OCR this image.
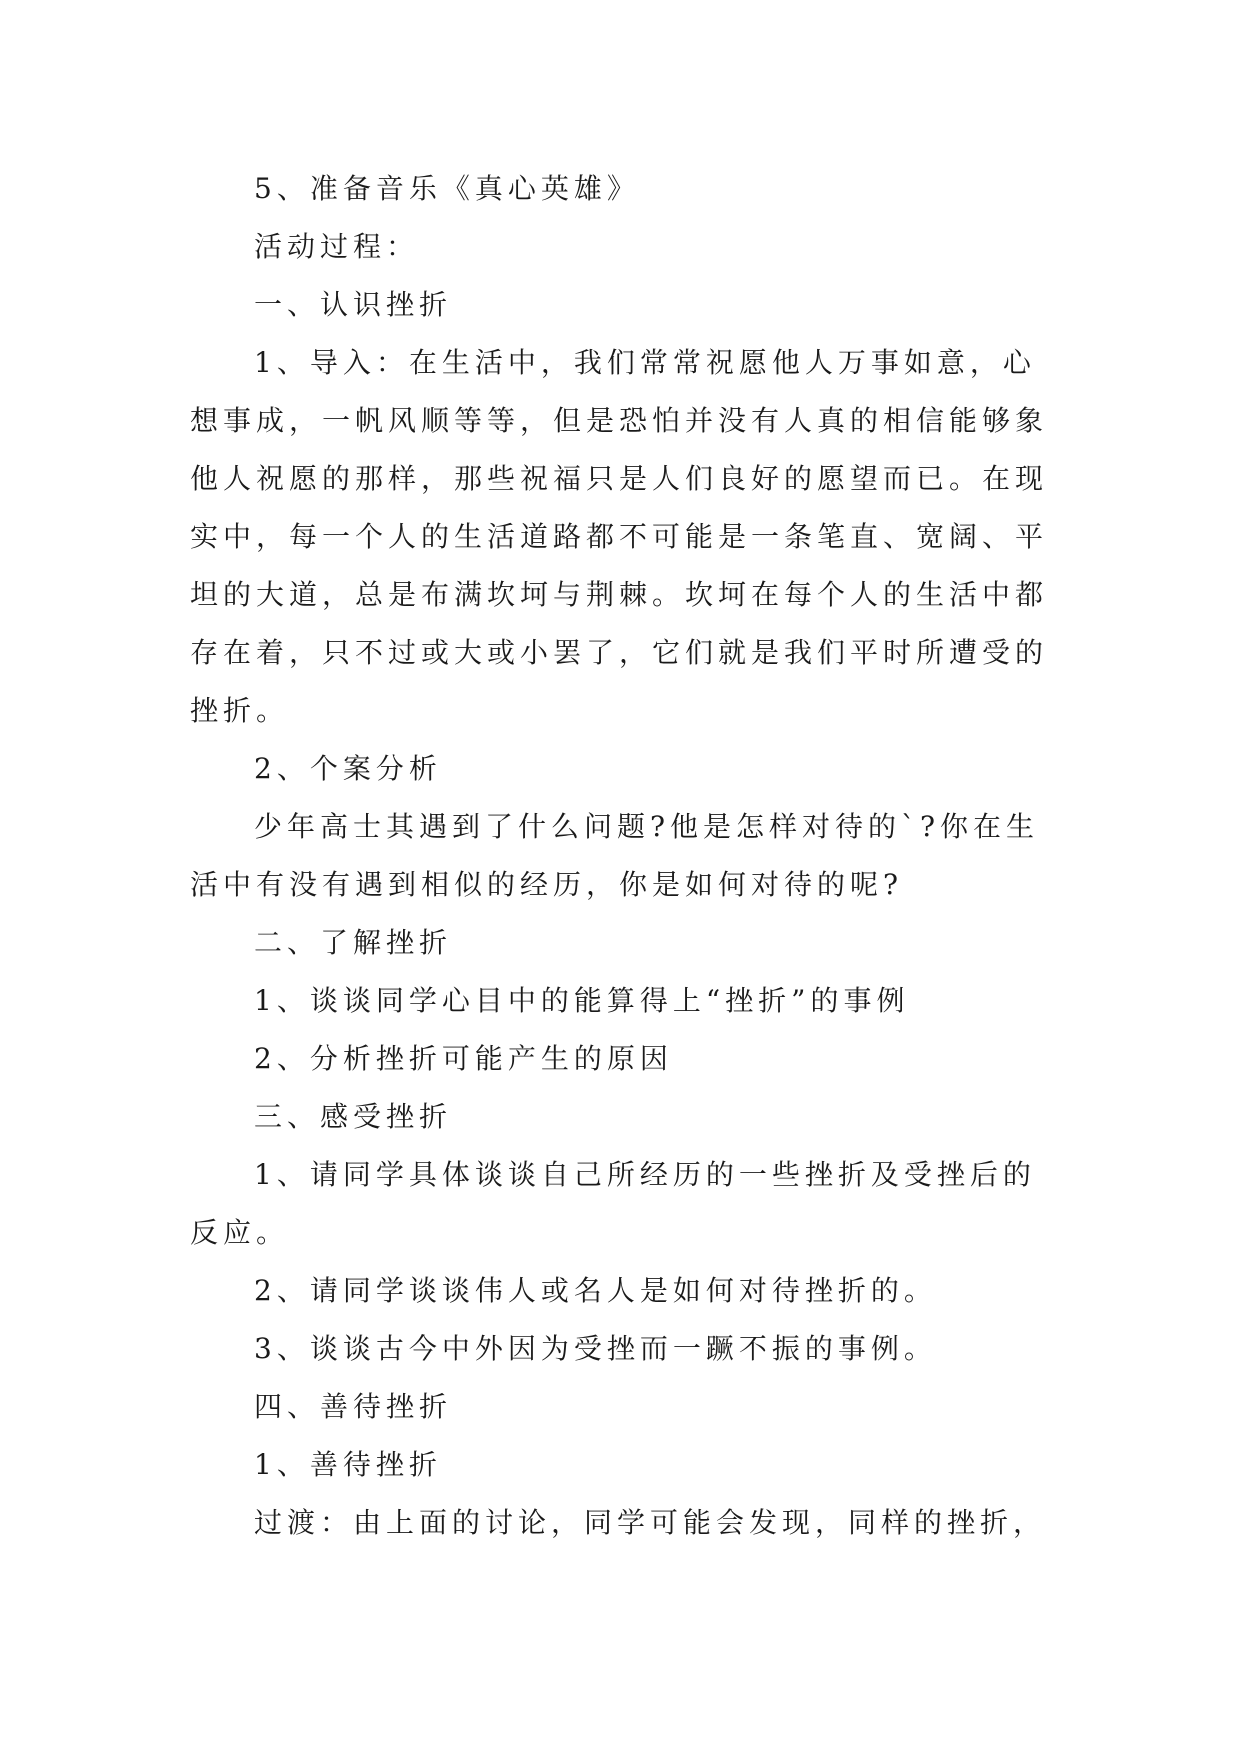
5、准备音乐《真心英雄》

活动过程：

一、认识挫折

1、导入：在生活中，我们常常祝愿他人万事如意，心想事成，一帆风顺等等，但是恐怕并没有人真的相信能够象他人祝愿的那样，那些祝福只是人们良好的愿望而已。在现实中，每一个人的生活道路都不可能是一条笔直、宽阔、平坦的大道，总是布满坎坷与荆棘。坎坷在每个人的生活中都存在着，只不过或大或小罢了，它们就是我们平时所遭受的挫折。

2、个案分析

少年高士其遇到了什么问题?他是怎样对待的`?你在生活中有没有遇到相似的经历，你是如何对待的呢?

二、了解挫折

1、谈谈同学心目中的能算得上“挫折”的事例

2、分析挫折可能产生的原因

三、感受挫折

1、请同学具体谈谈自己所经历的一些挫折及受挫后的反应。

2、请同学谈谈伟人或名人是如何对待挫折的。

3、谈谈古今中外因为受挫而一蹶不振的事例。

四、善待挫折

1、善待挫折

过渡：由上面的讨论，同学可能会发现，同样的挫折，
